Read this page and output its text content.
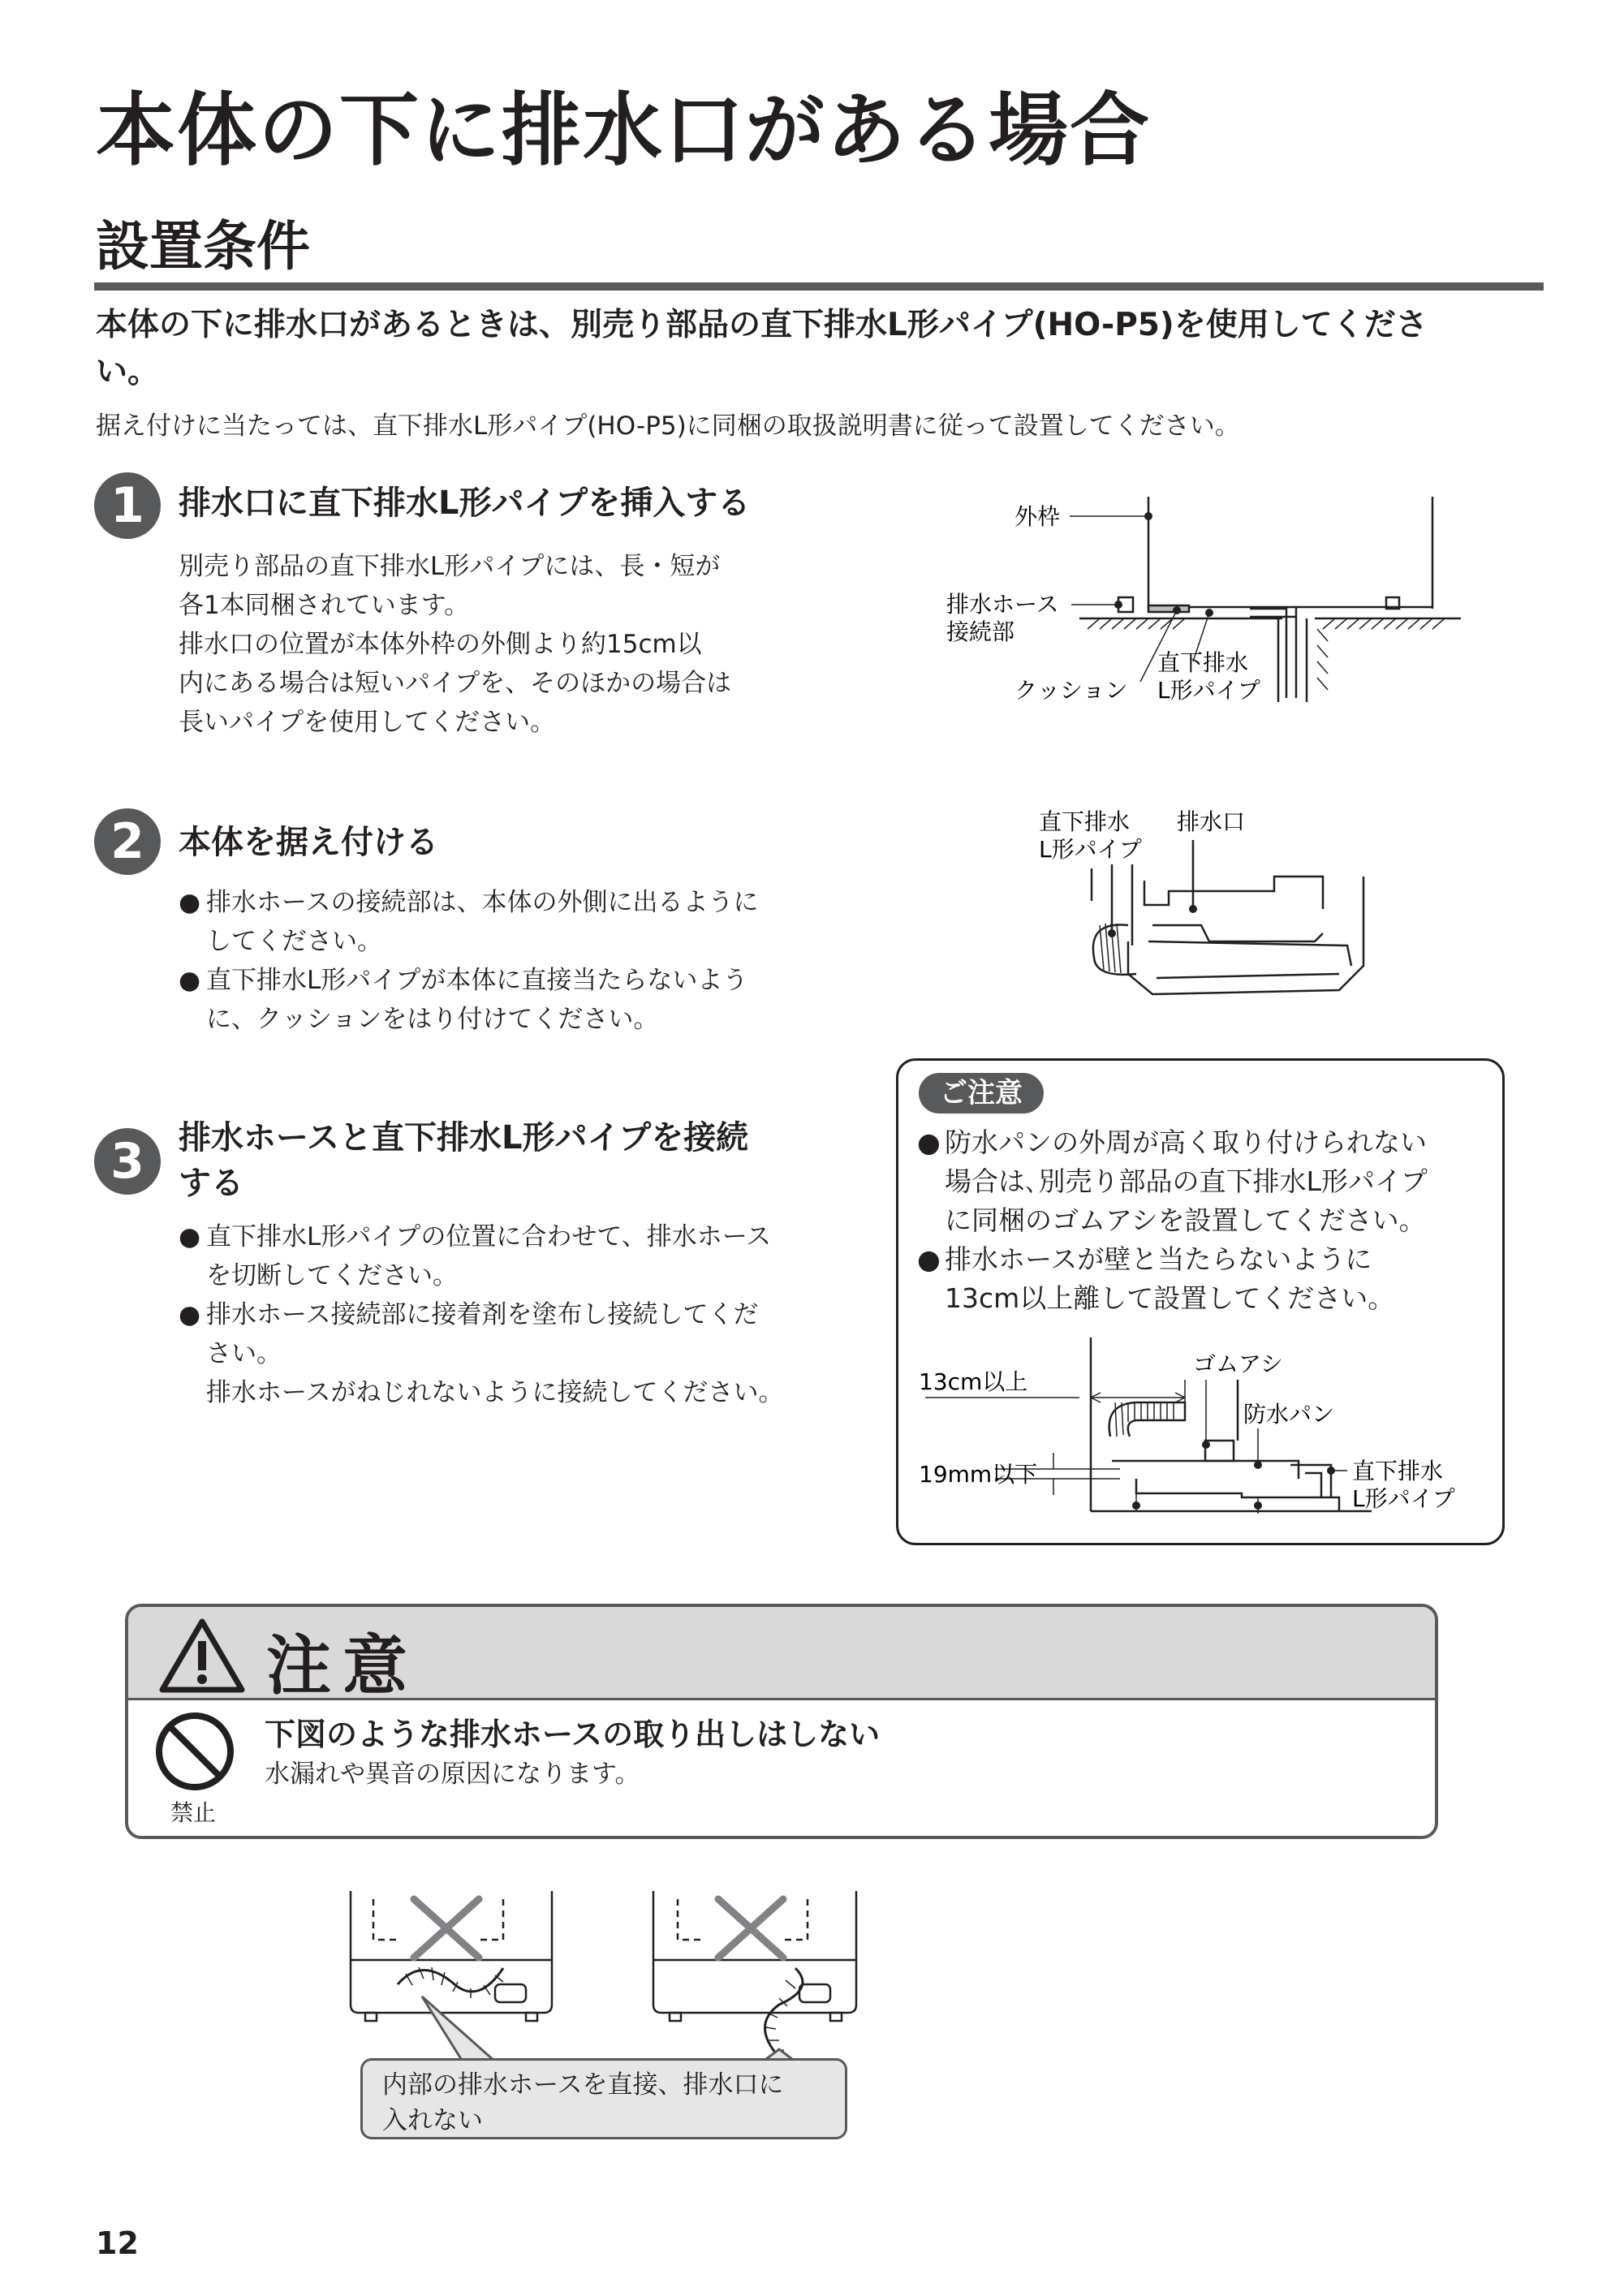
本体の下に排水口がある場合
設置条件
本体の下に排水口があるときは、別売り部品の直下排水L形パイプ(HO-P5)を使用してください。
据え付けに当たっては、直下排水L形パイプ(HO-P5)に同梱の取扱説明書に従って設置してください。
1	排水口に直下排水L形パイプを挿入する
別売り部品の直下排水L形パイプには、長・短が
各1本同梱されています。
排水口の位置が本体外枠の外側より約15cm以
内にある場合は短いパイプを、そのほかの場合は
長いパイプを使用してください。
外枠
排水ホース
接続部
直下排水
L形パイプ
クッション
2	本体を据え付ける
● 排水ホースの接続部は、本体の外側に出るように
してください。
● 直下排水L形パイプが本体に直接当たらないよう
に、クッションをはり付けてください。
直下排水
L形パイプ
排水口
3	排水ホースと直下排水L形パイプを接続
する
● 直下排水L形パイプの位置に合わせて、排水ホース
を切断してください。
● 排水ホース接続部に接着剤を塗布し接続してくだ
さい。
排水ホースがねじれないように接続してください。
ご注意
● 防水パンの外周が高く取り付けられない
場合は､別売り部品の直下排水L形パイプ
に同梱のゴムアシを設置してください。
● 排水ホースが壁と当たらないように
13cm以上離して設置してください。
13cm以上
ゴムアシ
防水パン
19mm以下	直下排水
L形パイプ
注意
禁止
下図のような排水ホースの取り出しはしない
水漏れや異音の原因になります。
内部の排水ホースを直接、排水口に
入れない
12
